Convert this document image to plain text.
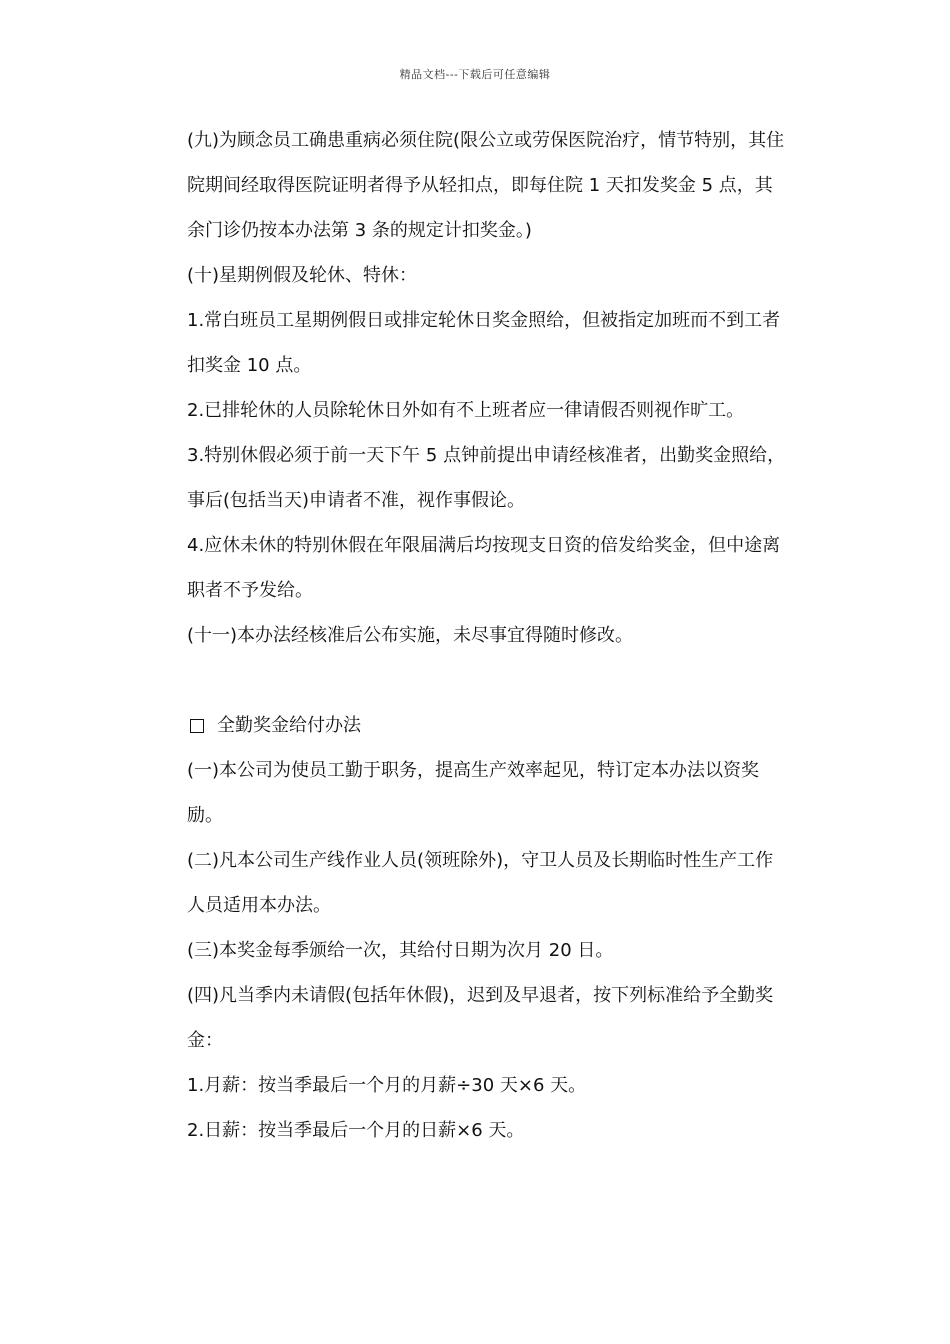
精品文档---下载后可任意编辑

(九)为顾念员工确患重病必须住院(限公立或劳保医院治疗，情节特别，其住院期间经取得医院证明者得予从轻扣点，即每住院 1 天扣发奖金 5 点，其余门诊仍按本办法第 3 条的规定计扣奖金。)

(十)星期例假及轮休、特休：

1.常白班员工星期例假日或排定轮休日奖金照给，但被指定加班而不到工者扣奖金 10 点。

2.已排轮休的人员除轮休日外如有不上班者应一律请假否则视作旷工。

3.特别休假必须于前一天下午 5 点钟前提出申请经核准者，出勤奖金照给，事后(包括当天)申请者不准，视作事假论。

4.应休未休的特别休假在年限届满后均按现支日资的倍发给奖金，但中途离职者不予发给。

(十一)本办法经核准后公布实施，未尽事宜得随时修改。

全勤奖金给付办法

(一)本公司为使员工勤于职务，提高生产效率起见，特订定本办法以资奖励。

(二)凡本公司生产线作业人员(领班除外)，守卫人员及长期临时性生产工作人员适用本办法。

(三)本奖金每季颁给一次，其给付日期为次月 20 日。

(四)凡当季内未请假(包括年休假)，迟到及早退者，按下列标准给予全勤奖金：

1.月薪：按当季最后一个月的月薪÷30 天×6 天。

2.日薪：按当季最后一个月的日薪×6 天。
